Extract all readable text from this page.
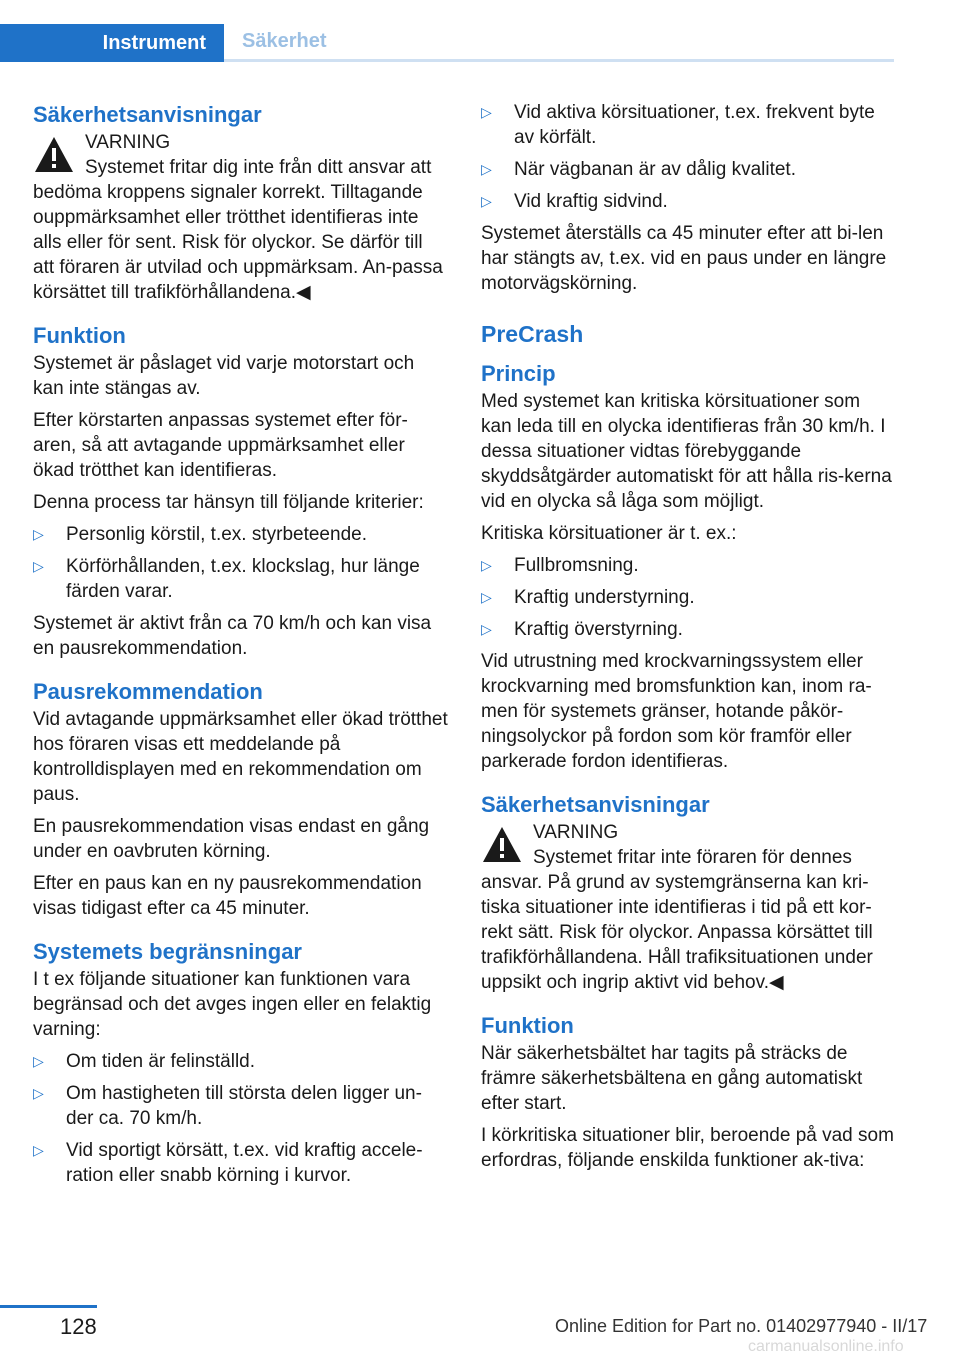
Instrument	Säkerhet
Säkerhetsanvisningar

VARNING

Systemet fritar dig inte från ditt ansvar att bedöma kroppens signaler korrekt. Tilltagande ouppmärksamhet eller trötthet identifieras inte alls eller för sent. Risk för olyckor. Se därför till att föraren är utvilad och uppmärksam. An‐passa körsättet till trafikförhållandena.◀

Funktion

Systemet är påslaget vid varje motorstart och kan inte stängas av.

Efter körstarten anpassas systemet efter för‐aren, så att avtagande uppmärksamhet eller ökad trötthet kan identifieras.

Denna process tar hänsyn till följande kriterier:

▷ Personlig körstil, t.ex. styrbeteende.
▷ Körförhållanden, t.ex. klockslag, hur länge färden varar.

Systemet är aktivt från ca 70 km/h och kan visa en pausrekommendation.

Pausrekommendation

Vid avtagande uppmärksamhet eller ökad trötthet hos föraren visas ett meddelande på kontrolldisplayen med en rekommendation om paus.

En pausrekommendation visas endast en gång under en oavbruten körning.

Efter en paus kan en ny pausrekommendation visas tidigast efter ca 45 minuter.

Systemets begränsningar

I t ex följande situationer kan funktionen vara begränsad och det avges ingen eller en felaktig varning:

▷ Om tiden är felinställd.
▷ Om hastigheten till största delen ligger un‐der ca. 70 km/h.
▷ Vid sportigt körsätt, t.ex. vid kraftig accele‐ration eller snabb körning i kurvor.
▷ Vid aktiva körsituationer, t.ex. frekvent byte av körfält.
▷ När vägbanan är av dålig kvalitet.
▷ Vid kraftig sidvind.

Systemet återställs ca 45 minuter efter att bi‐len har stängts av, t.ex. vid en paus under en längre motorvägskörning.

PreCrash
Princip

Med systemet kan kritiska körsituationer som kan leda till en olycka identifieras från 30 km/h. I dessa situationer vidtas förebyggande skyddsåtgärder automatiskt för att hålla ris‐kerna vid en olycka så låga som möjligt.

Kritiska körsituationer är t. ex.:

▷ Fullbromsning.
▷ Kraftig understyrning.
▷ Kraftig överstyrning.

Vid utrustning med krockvarningssystem eller krockvarning med bromsfunktion kan, inom ra‐men för systemets gränser, hotande påkör‐ningsolyckor på fordon som kör framför eller parkerade fordon identifieras.

Säkerhetsanvisningar

VARNING

Systemet fritar inte föraren för dennes ansvar. På grund av systemgränserna kan kri‐tiska situationer inte identifieras i tid på ett kor‐rekt sätt. Risk för olyckor. Anpassa körsättet till trafikförhållandena. Håll trafiksituationen under uppsikt och ingrip aktivt vid behov.◀

Funktion

När säkerhetsbältet har tagits på sträcks de främre säkerhetsbältena en gång automatiskt efter start.

I körkritiska situationer blir, beroende på vad som erfordras, följande enskilda funktioner ak‐tiva:

128	Online Edition for Part no. 01402977940 - II/17
carmanualsonline.info
